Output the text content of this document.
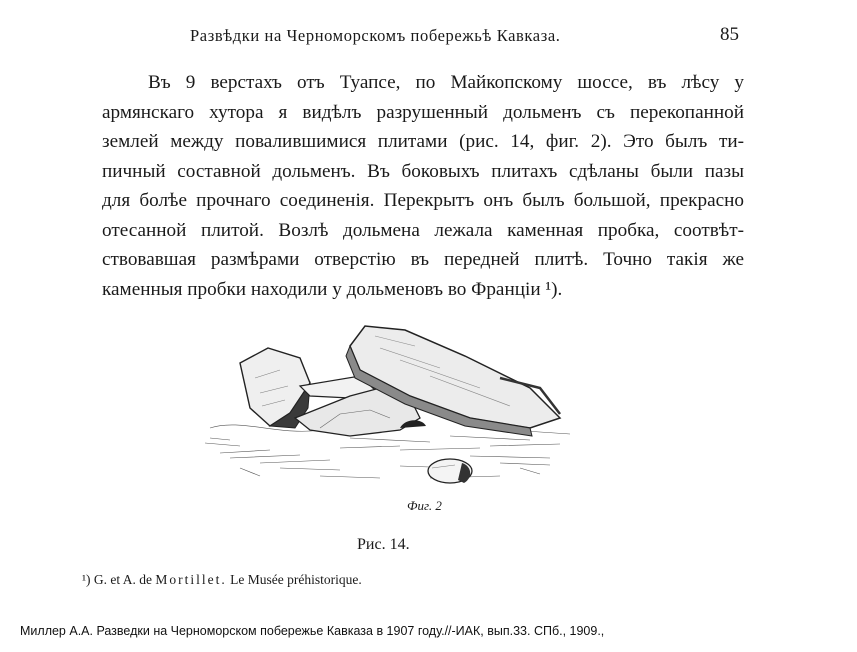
Развѣдки на Черноморскомъ побережьѣ Кавказа.	85
Въ 9 верстахъ отъ Туапсе, по Майкопскому шоссе, въ лѣсу у
армянскаго хутора я видѣлъ разрушенный дольменъ съ перекопанной
землей между повалившимися плитами (рис. 14, фиг. 2). Это былъ ти-
пичный составной дольменъ. Въ боковыхъ плитахъ сдѣланы были пазы
для болѣе прочнаго соединенія. Перекрытъ онъ былъ большой, прекрасно
отесанной плитой. Возлѣ дольмена лежала каменная пробка, соотвѣт-
ствовавшая размѣрами отверстію въ передней плитѣ. Точно такія же
каменныя пробки находили у дольменовъ во Франціи ¹).
Фиг. 2
Рис. 14.
¹) G. et A. de Mortillet. Le Musée préhistorique.
Миллер А.А. Разведки на Черноморском побережье Кавказа в 1907 году.//-ИАК, вып.33. СПб., 1909.,
